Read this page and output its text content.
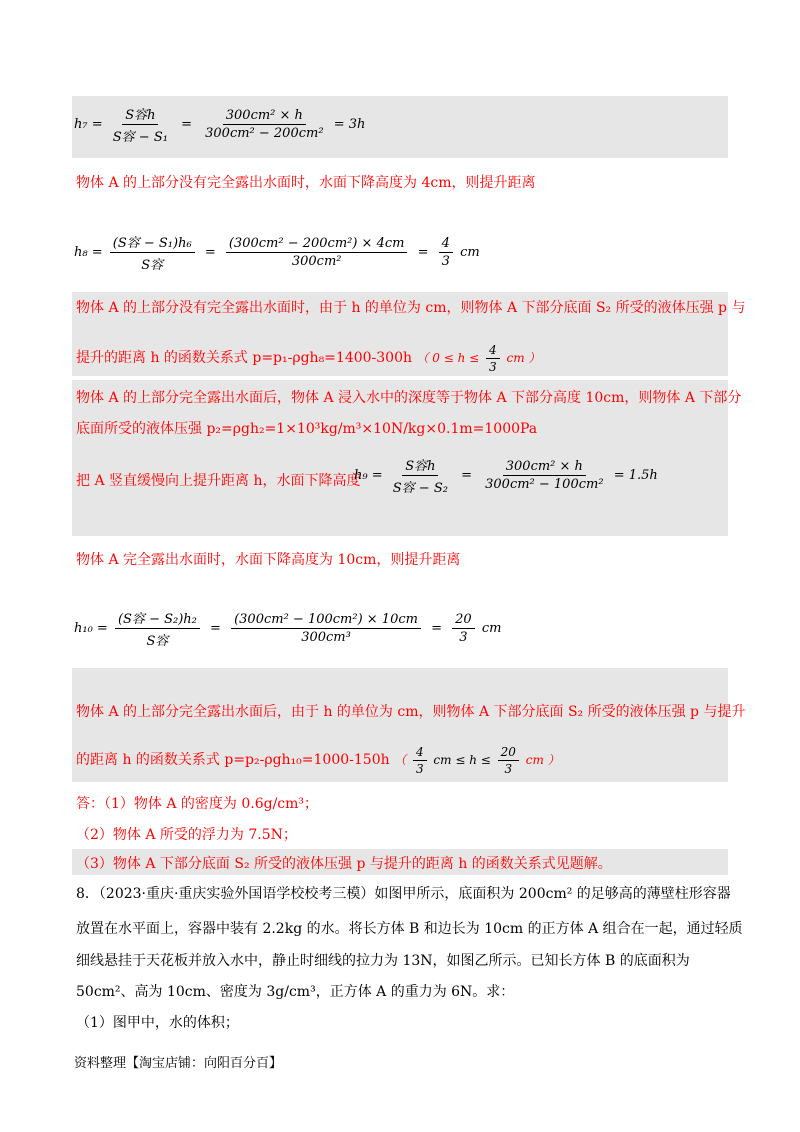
$h_7 = \frac{\text{S容h}}{\text{S容 − S₁}} = \frac{\text{300cm² × h}}{\text{300cm² − 200cm²}} = 3h$
物体 A 的上部分没有完全露出水面时，水面下降高度为 4cm，则提升距离
$h_8 = \frac{\text{(S容 − S₁)h₆}}{\text{S容}} = \frac{\text{(300cm² − 200cm²) × 4cm}}{\text{300cm²}} = \frac{4}{3}$ cm
物体 A 的上部分没有完全露出水面时，由于 h 的单位为 cm，则物体 A 下部分底面 S₂ 所受的液体压强 p 与
提升的距离 h 的函数关系式 p=p₁-ρgh₈=1400-300h （ $0 \le h \le \frac{4}{3}$ cm ）
物体 A 的上部分完全露出水面后，物体 A 浸入水中的深度等于物体 A 下部分高度 10cm，则物体 A 下部分
底面所受的液体压强 p₂=ρgh₂=1×10³kg/m³×10N/kg×0.1m=1000Pa
把 A 竖直缓慢向上提升距离 h，水面下降高度
$h_9 = \frac{\text{S容h}}{\text{S容 − S₂}} = \frac{\text{300cm² × h}}{\text{300cm² − 100cm²}} = 1.5h$
物体 A 完全露出水面时，水面下降高度为 10cm，则提升距离
$h_{10} = \frac{\text{(S容 − S₂)h₂}}{\text{S容}} = \frac{\text{(300cm² − 100cm²) × 10cm}}{\text{300cm³}} = \frac{20}{3}$ cm
物体 A 的上部分完全露出水面后，由于 h 的单位为 cm，则物体 A 下部分底面 S₂ 所受的液体压强 p 与提升
的距离 h 的函数关系式 p=p₂-ρgh₁₀=1000-150h （ $\frac{4}{3}$ cm ≤ $h \le \frac{20}{3}$ cm ）
答：（1）物体 A 的密度为 0.6g/cm³；
（2）物体 A 所受的浮力为 7.5N；
（3）物体 A 下部分底面 S₂ 所受的液体压强 p 与提升的距离 h 的函数关系式见题解。
8．（2023·重庆·重庆实验外国语学校校考三模）如图甲所示，底面积为 200cm² 的足够高的薄壁柱形容器
放置在水平面上，容器中装有 2.2kg 的水。将长方体 B 和边长为 10cm 的正方体 A 组合在一起，通过轻质
细线悬挂于天花板并放入水中，静止时细线的拉力为 13N，如图乙所示。已知长方体 B 的底面积为
50cm²、高为 10cm、密度为 3g/cm³，正方体 A 的重力为 6N。求：
（1）图甲中，水的体积；
资料整理【淘宝店铺：向阳百分百】
